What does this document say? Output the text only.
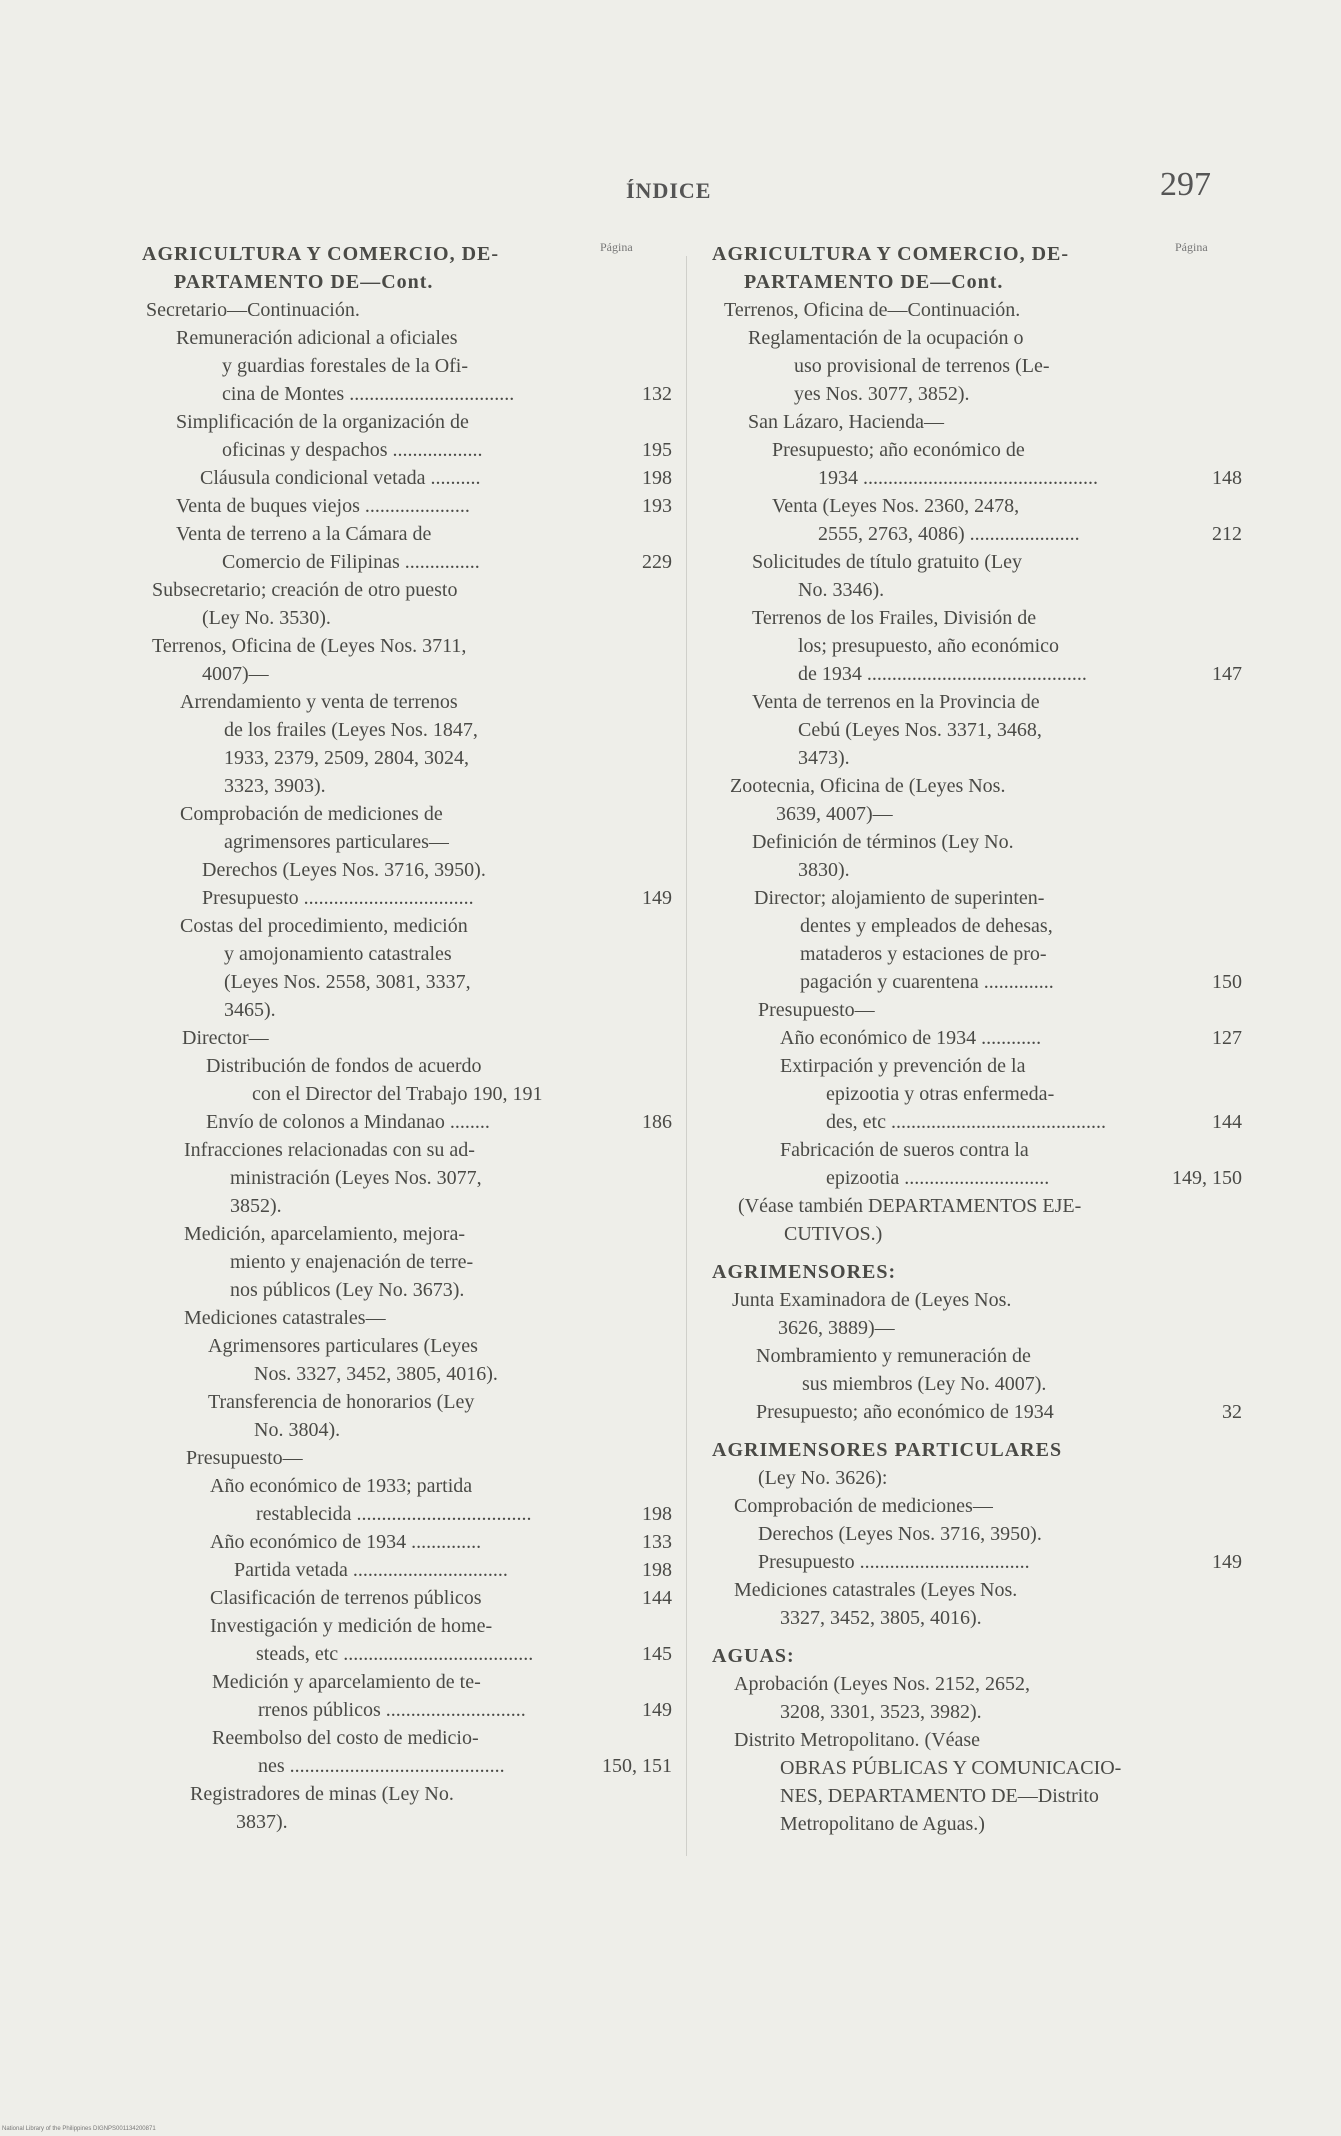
ÍNDICE	297
Página	Página
AGRICULTURA Y COMERCIO, DE-
PARTAMENTO DE—Cont.
Secretario—Continuación.
Remuneración adicional a oficiales
y guardias forestales de la Ofi-
cina de Montes .................................	132
Simplificación de la organización de
oficinas y despachos ..................	195
Cláusula condicional vetada ..........	198
Venta de buques viejos .....................	193
Venta de terreno a la Cámara de
Comercio de Filipinas ...............	229
Subsecretario; creación de otro puesto
(Ley No. 3530).
Terrenos, Oficina de (Leyes Nos. 3711,
4007)—
Arrendamiento y venta de terrenos
de los frailes (Leyes Nos. 1847,
1933, 2379, 2509, 2804, 3024,
3323, 3903).
Comprobación de mediciones de
agrimensores particulares—
Derechos (Leyes Nos. 3716, 3950).
Presupuesto ..................................	149
Costas del procedimiento, medición
y amojonamiento catastrales
(Leyes Nos. 2558, 3081, 3337,
3465).
Director—
Distribución de fondos de acuerdo
con el Director del Trabajo 190, 191
Envío de colonos a Mindanao ........	186
Infracciones relacionadas con su ad-
ministración (Leyes Nos. 3077,
3852).
Medición, aparcelamiento, mejora-
miento y enajenación de terre-
nos públicos (Ley No. 3673).
Mediciones catastrales—
Agrimensores particulares (Leyes
Nos. 3327, 3452, 3805, 4016).
Transferencia de honorarios (Ley
No. 3804).
Presupuesto—
Año económico de 1933; partida
restablecida ...................................	198
Año económico de 1934 ..............	133
Partida vetada ...............................	198
Clasificación de terrenos públicos	144
Investigación y medición de home-
steads, etc ......................................	145
Medición y aparcelamiento de te-
rrenos públicos ............................	149
Reembolso del costo de medicio-
nes ...........................................	150, 151
Registradores de minas (Ley No.
3837).
AGRICULTURA Y COMERCIO, DE-
PARTAMENTO DE—Cont.
Terrenos, Oficina de—Continuación.
Reglamentación de la ocupación o
uso provisional de terrenos (Le-
yes Nos. 3077, 3852).
San Lázaro, Hacienda—
Presupuesto; año económico de
1934 ...............................................	148
Venta (Leyes Nos. 2360, 2478,
2555, 2763, 4086) ......................	212
Solicitudes de título gratuito (Ley
No. 3346).
Terrenos de los Frailes, División de
los; presupuesto, año económico
de 1934 ............................................	147
Venta de terrenos en la Provincia de
Cebú (Leyes Nos. 3371, 3468,
3473).
Zootecnia, Oficina de (Leyes Nos.
3639, 4007)—
Definición de términos (Ley No.
3830).
Director; alojamiento de superinten-
dentes y empleados de dehesas,
mataderos y estaciones de pro-
pagación y cuarentena ..............	150
Presupuesto—
Año económico de 1934 ............	127
Extirpación y prevención de la
epizootia y otras enfermeda-
des, etc ...........................................	144
Fabricación de sueros contra la
epizootia .............................	149, 150
(Véase también DEPARTAMENTOS EJE-
CUTIVOS.)
AGRIMENSORES:
Junta Examinadora de (Leyes Nos.
3626, 3889)—
Nombramiento y remuneración de
sus miembros (Ley No. 4007).
Presupuesto; año económico de 1934	32
AGRIMENSORES PARTICULARES
(Ley No. 3626):
Comprobación de mediciones—
Derechos (Leyes Nos. 3716, 3950).
Presupuesto ..................................	149
Mediciones catastrales (Leyes Nos.
3327, 3452, 3805, 4016).
AGUAS:
Aprobación (Leyes Nos. 2152, 2652,
3208, 3301, 3523, 3982).
Distrito Metropolitano. (Véase
OBRAS PÚBLICAS Y COMUNICACIO-
NES, DEPARTAMENTO DE—Distrito
Metropolitano de Aguas.)
National Library of the Philippines DIGNPS001134200871
